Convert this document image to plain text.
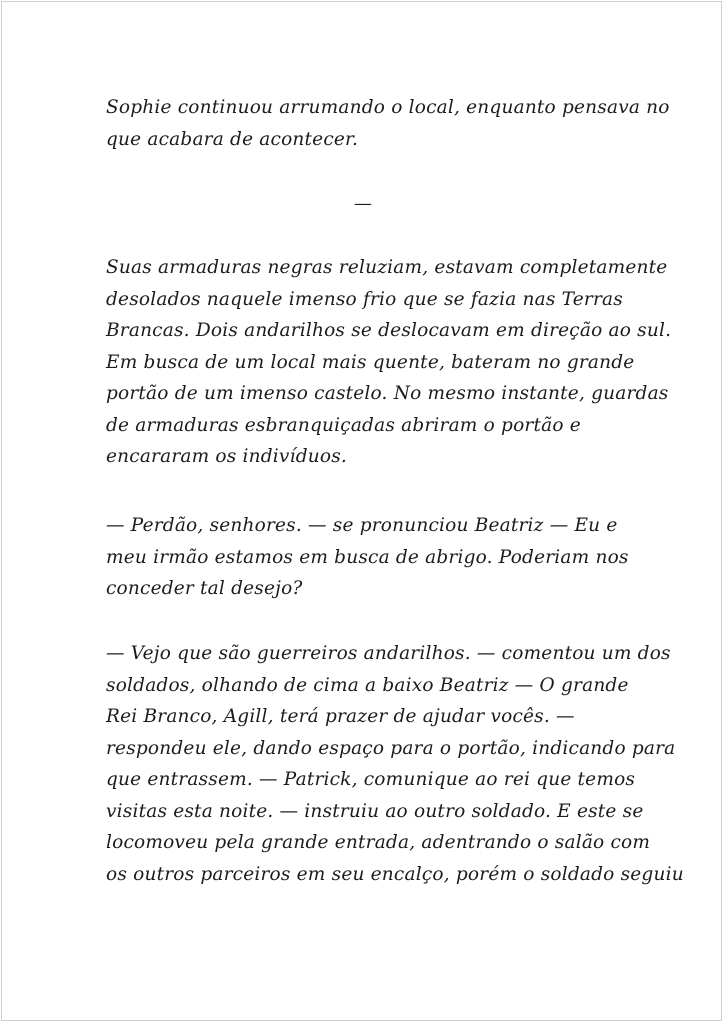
Sophie continuou arrumando o local, enquanto pensava no
que acabara de acontecer.
—
Suas armaduras negras reluziam, estavam completamente
desolados naquele imenso frio que se fazia nas Terras
Brancas. Dois andarilhos se deslocavam em direção ao sul.
Em busca de um local mais quente, bateram no grande
portão de um imenso castelo. No mesmo instante, guardas
de armaduras esbranquiçadas abriram o portão e
encararam os indivíduos.
— Perdão, senhores. — se pronunciou Beatriz — Eu e
meu irmão estamos em busca de abrigo. Poderiam nos
conceder tal desejo?
— Vejo que são guerreiros andarilhos. — comentou um dos
soldados, olhando de cima a baixo Beatriz — O grande
Rei Branco, Agill, terá prazer de ajudar vocês. —
respondeu ele, dando espaço para o portão, indicando para
que entrassem. — Patrick, comunique ao rei que temos
visitas esta noite. — instruiu ao outro soldado. E este se
locomoveu pela grande entrada, adentrando o salão com
os outros parceiros em seu encalço, porém o soldado seguiu
